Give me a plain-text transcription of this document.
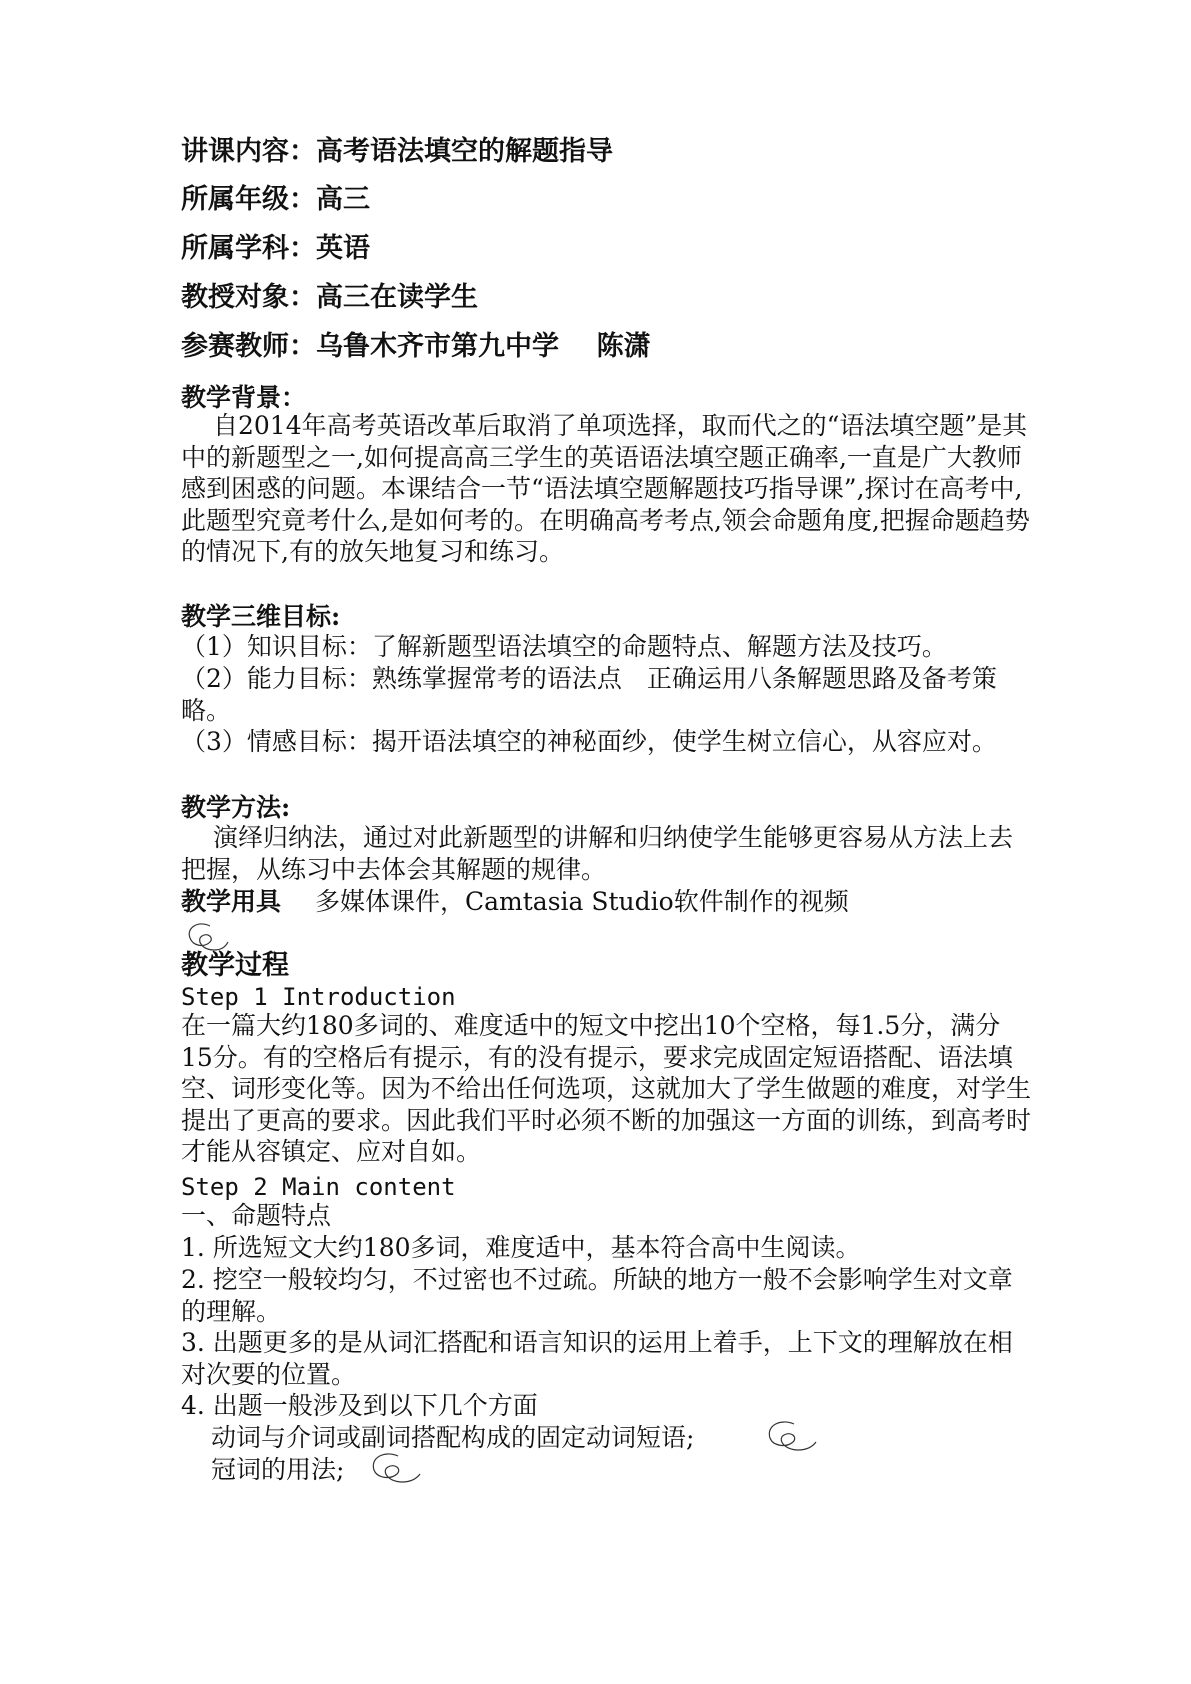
讲课内容：高考语法填空的解题指导
所属年级：高三
所属学科：英语
教授对象：高三在读学生
参赛教师：乌鲁木齐市第九中学    陈潇
教学背景：
自2014年高考英语改革后取消了单项选择，取而代之的“语法填空题”是其中的新题型之一,如何提高高三学生的英语语法填空题正确率,一直是广大教师感到困惑的问题。本课结合一节“语法填空题解题技巧指导课”,探讨在高考中,此题型究竟考什么,是如何考的。在明确高考考点,领会命题角度,把握命题趋势的情况下,有的放矢地复习和练习。
教学三维目标:
（1）知识目标：了解新题型语法填空的命题特点、解题方法及技巧。
（2）能力目标：熟练掌握常考的语法点　正确运用八条解题思路及备考策略。
（3）情感目标：揭开语法填空的神秘面纱，使学生树立信心，从容应对。
教学方法:
演绎归纳法，通过对此新题型的讲解和归纳使学生能够更容易从方法上去把握，从练习中去体会其解题的规律。
教学用具 多媒体课件，Camtasia Studio软件制作的视频
教学过程
Step 1 Introduction
在一篇大约180多词的、难度适中的短文中挖出10个空格，每1.5分，满分15分。有的空格后有提示，有的没有提示，要求完成固定短语搭配、语法填空、词形变化等。因为不给出任何选项，这就加大了学生做题的难度，对学生提出了更高的要求。因此我们平时必须不断的加强这一方面的训练，到高考时才能从容镇定、应对自如。
Step 2 Main content
一、命题特点
1. 所选短文大约180多词，难度适中，基本符合高中生阅读。
2. 挖空一般较均匀，不过密也不过疏。所缺的地方一般不会影响学生对文章的理解。
3. 出题更多的是从词汇搭配和语言知识的运用上着手，上下文的理解放在相对次要的位置。
4. 出题一般涉及到以下几个方面
动词与介词或副词搭配构成的固定动词短语;
冠词的用法;
